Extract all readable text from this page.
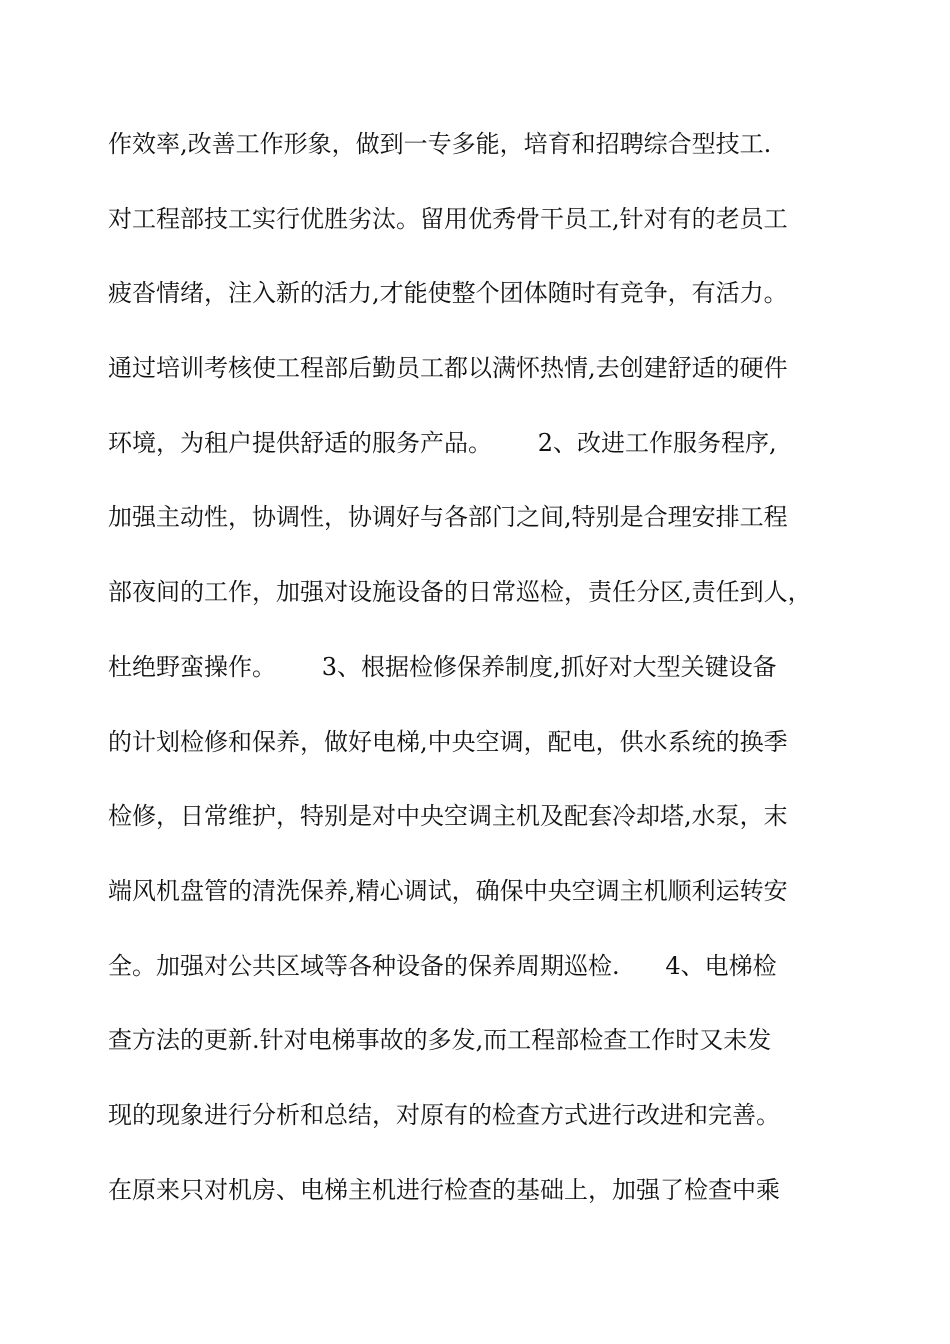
作效率,改善工作形象，做到一专多能，培育和招聘综合型技工.
对工程部技工实行优胜劣汰。留用优秀骨干员工,针对有的老员工
疲沓情绪，注入新的活力,才能使整个团体随时有竞争，有活力。
通过培训考核使工程部后勤员工都以满怀热情,去创建舒适的硬件
环境，为租户提供舒适的服务产品。      2、改进工作服务程序,
加强主动性，协调性，协调好与各部门之间,特别是合理安排工程
部夜间的工作，加强对设施设备的日常巡检，责任分区,责任到人，
杜绝野蛮操作。      3、根据检修保养制度,抓好对大型关键设备
的计划检修和保养，做好电梯,中央空调，配电，供水系统的换季
检修，日常维护，特别是对中央空调主机及配套冷却塔,水泵，末
端风机盘管的清洗保养,精心调试，确保中央空调主机顺利运转安
全。加强对公共区域等各种设备的保养周期巡检.      4、电梯检
查方法的更新.针对电梯事故的多发,而工程部检查工作时又未发
现的现象进行分析和总结，对原有的检查方式进行改进和完善。
在原来只对机房、电梯主机进行检查的基础上，加强了检查中乘
